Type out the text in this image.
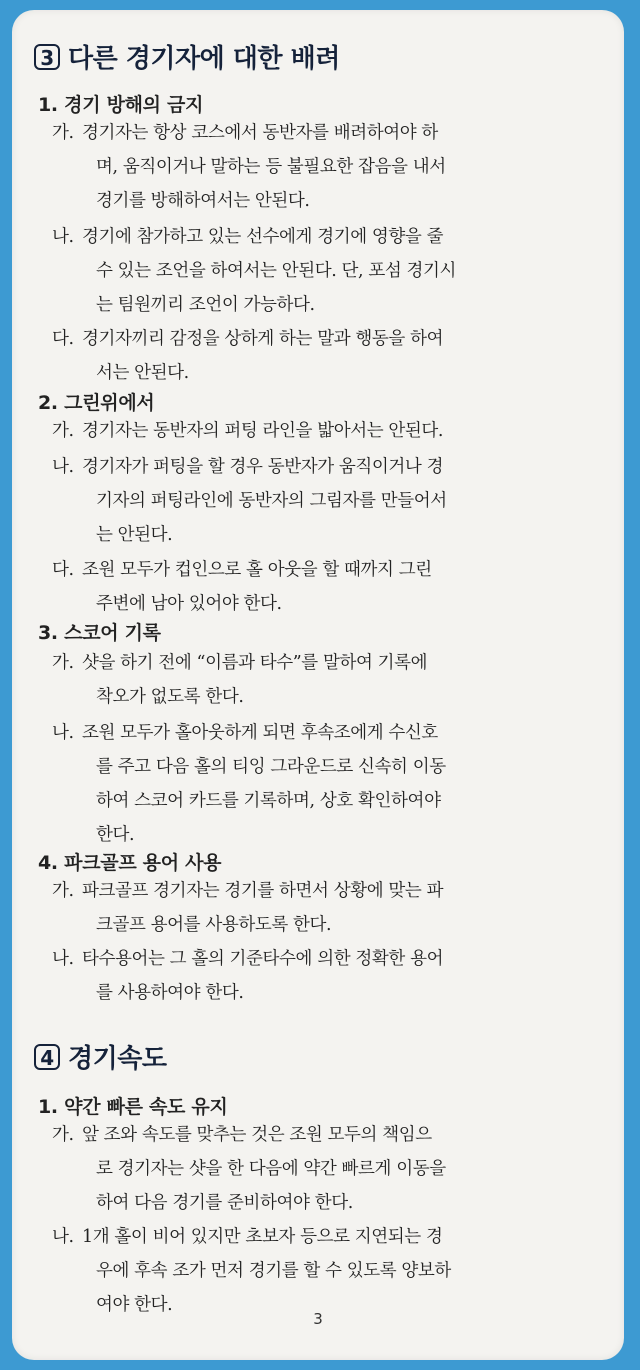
3 다른 경기자에 대한 배려
1. 경기 방해의 금지
가. 경기자는 항상 코스에서 동반자를 배려하여야 하
며, 움직이거나 말하는 등 불필요한 잡음을 내서
경기를 방해하여서는 안된다.
나. 경기에 참가하고 있는 선수에게 경기에 영향을 줄
수 있는 조언을 하여서는 안된다. 단, 포섬 경기시
는 팀원끼리 조언이 가능하다.
다. 경기자끼리 감정을 상하게 하는 말과 행동을 하여
서는 안된다.
2. 그린위에서
가. 경기자는 동반자의 퍼팅 라인을 밟아서는 안된다.
나. 경기자가 퍼팅을 할 경우 동반자가 움직이거나 경
기자의 퍼팅라인에 동반자의 그림자를 만들어서
는 안된다.
다. 조원 모두가 컵인으로 홀 아웃을 할 때까지 그린
주변에 남아 있어야 한다.
3. 스코어 기록
가. 샷을 하기 전에 “이름과 타수”를 말하여 기록에
착오가 없도록 한다.
나. 조원 모두가 홀아웃하게 되면 후속조에게 수신호
를 주고 다음 홀의 티잉 그라운드로 신속히 이동
하여 스코어 카드를 기록하며, 상호 확인하여야
한다.
4. 파크골프 용어 사용
가. 파크골프 경기자는 경기를 하면서 상황에 맞는 파
크골프 용어를 사용하도록 한다.
나. 타수용어는 그 홀의 기준타수에 의한 정확한 용어
를 사용하여야 한다.
4 경기속도
1. 약간 빠른 속도 유지
가. 앞 조와 속도를 맞추는 것은 조원 모두의 책임으
로 경기자는 샷을 한 다음에 약간 빠르게 이동을
하여 다음 경기를 준비하여야 한다.
나. 1개 홀이 비어 있지만 초보자 등으로 지연되는 경
우에 후속 조가 먼저 경기를 할 수 있도록 양보하
여야 한다.
3
